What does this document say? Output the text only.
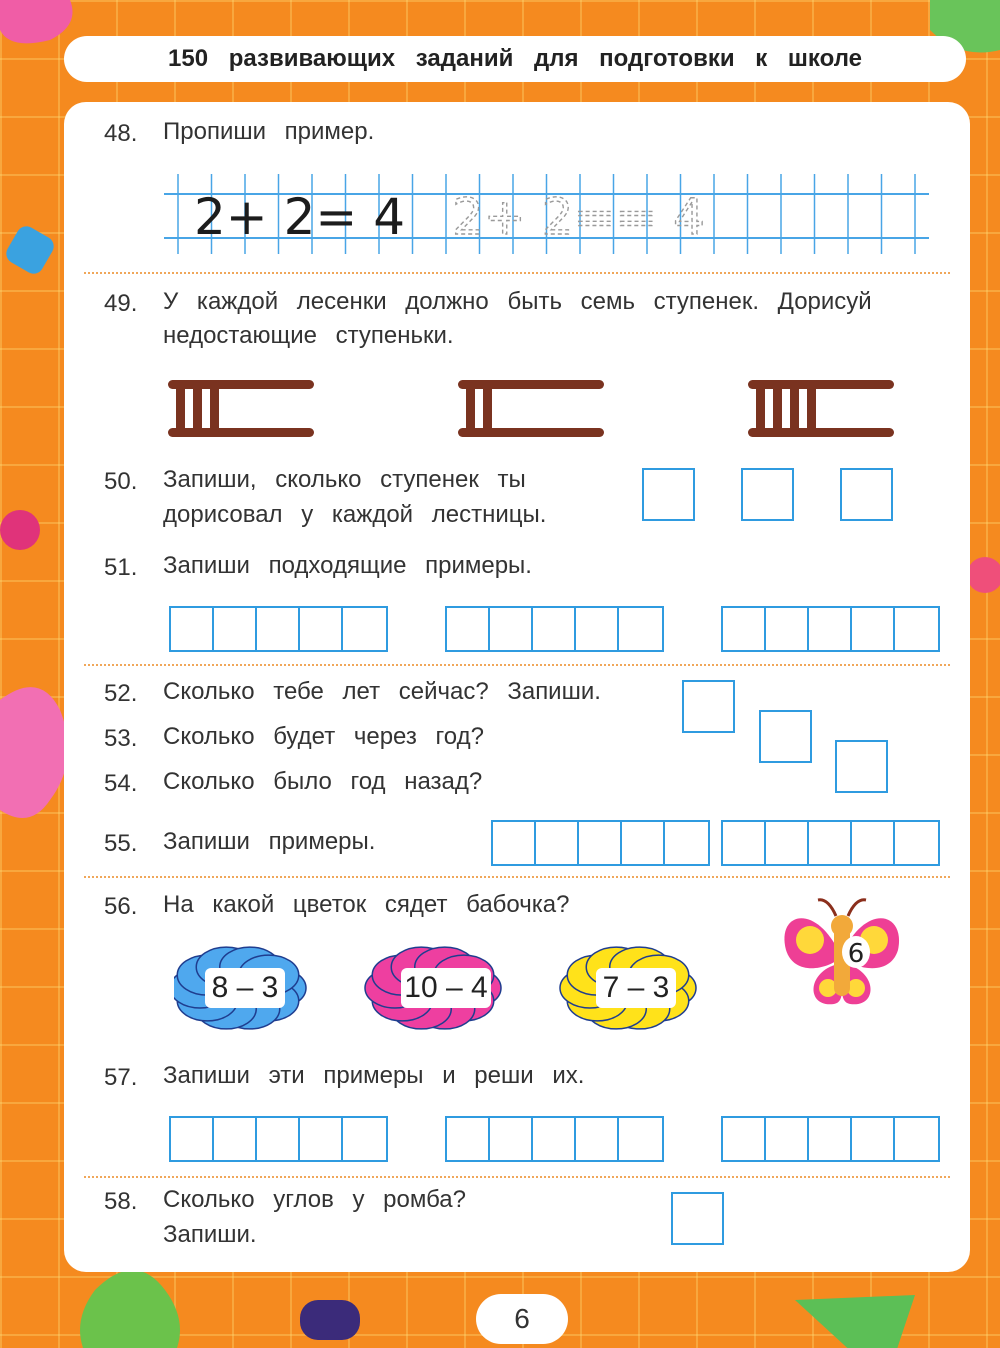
150 развивающих заданий для подготовки к школе
48. Пропиши пример.
2+ 2= 4 2+ 2== 4
49. У каждой лесенки должно быть семь ступенек. Дорисуй
недостающие ступеньки.
50. Запиши, сколько ступенек ты
дорисовал у каждой лестницы.
51. Запиши подходящие примеры.
52. Сколько тебе лет сейчас? Запиши.
53. Сколько будет через год?
54. Сколько было год назад?
55. Запиши примеры.
56. На какой цветок сядет бабочка?
8 – 3	10 – 4	7 – 3
6
57. Запиши эти примеры и реши их.
58. Сколько углов у ромба?
Запиши.
6
